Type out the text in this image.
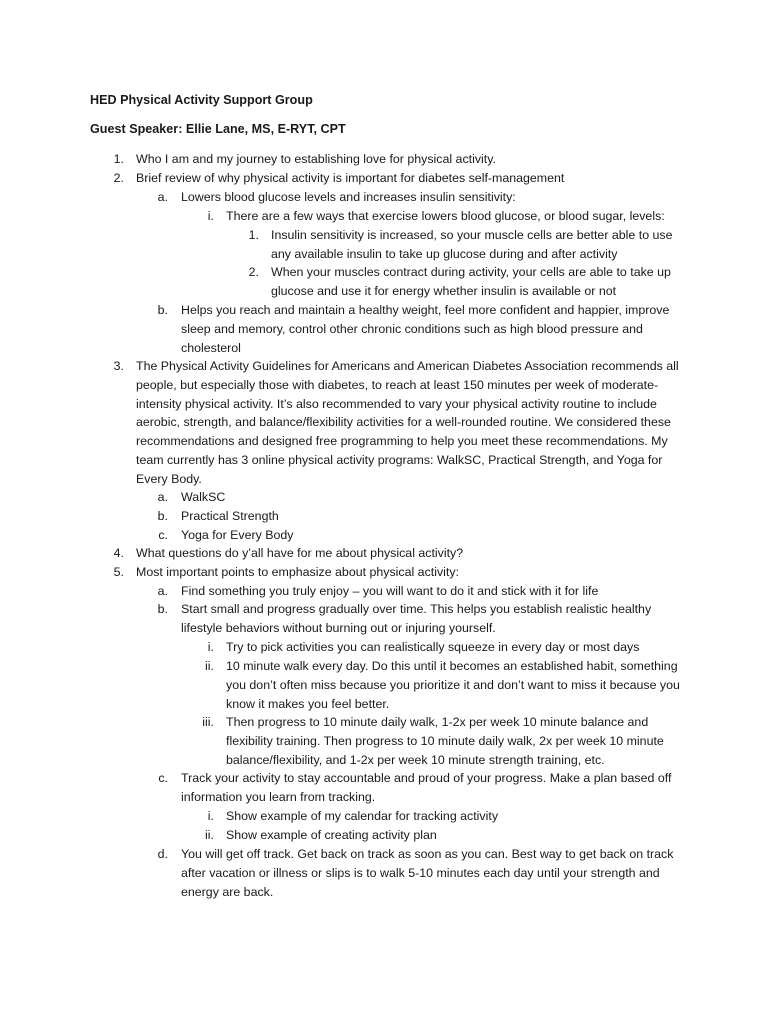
HED Physical Activity Support Group
Guest Speaker: Ellie Lane, MS, E-RYT, CPT
1. Who I am and my journey to establishing love for physical activity.
2. Brief review of why physical activity is important for diabetes self-management
a. Lowers blood glucose levels and increases insulin sensitivity:
i. There are a few ways that exercise lowers blood glucose, or blood sugar, levels:
1. Insulin sensitivity is increased, so your muscle cells are better able to use any available insulin to take up glucose during and after activity
2. When your muscles contract during activity, your cells are able to take up glucose and use it for energy whether insulin is available or not
b. Helps you reach and maintain a healthy weight, feel more confident and happier, improve sleep and memory, control other chronic conditions such as high blood pressure and cholesterol
3. The Physical Activity Guidelines for Americans and American Diabetes Association recommends all people, but especially those with diabetes, to reach at least 150 minutes per week of moderate-intensity physical activity. It’s also recommended to vary your physical activity routine to include aerobic, strength, and balance/flexibility activities for a well-rounded routine. We considered these recommendations and designed free programming to help you meet these recommendations. My team currently has 3 online physical activity programs: WalkSC, Practical Strength, and Yoga for Every Body.
a. WalkSC
b. Practical Strength
c. Yoga for Every Body
4. What questions do y’all have for me about physical activity?
5. Most important points to emphasize about physical activity:
a. Find something you truly enjoy – you will want to do it and stick with it for life
b. Start small and progress gradually over time. This helps you establish realistic healthy lifestyle behaviors without burning out or injuring yourself.
i. Try to pick activities you can realistically squeeze in every day or most days
ii. 10 minute walk every day. Do this until it becomes an established habit, something you don’t often miss because you prioritize it and don’t want to miss it because you know it makes you feel better.
iii. Then progress to 10 minute daily walk, 1-2x per week 10 minute balance and flexibility training. Then progress to 10 minute daily walk, 2x per week 10 minute balance/flexibility, and 1-2x per week 10 minute strength training, etc.
c. Track your activity to stay accountable and proud of your progress. Make a plan based off information you learn from tracking.
i. Show example of my calendar for tracking activity
ii. Show example of creating activity plan
d. You will get off track. Get back on track as soon as you can. Best way to get back on track after vacation or illness or slips is to walk 5-10 minutes each day until your strength and energy are back.
